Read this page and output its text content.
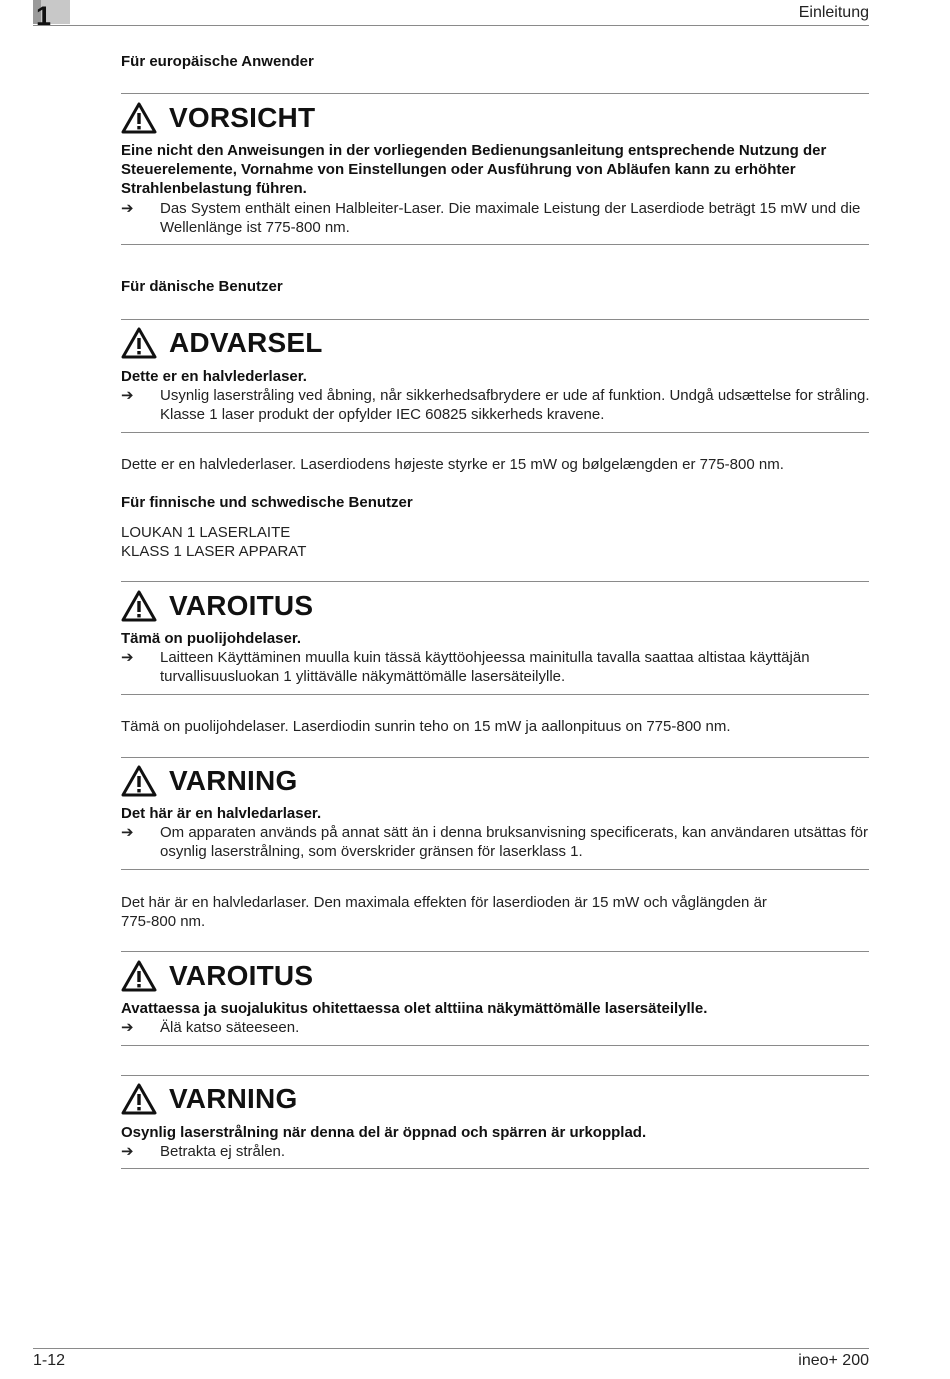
1	Einleitung
Für europäische Anwender
VORSICHT
Eine nicht den Anweisungen in der vorliegenden Bedienungsanleitung entsprechende Nutzung der Steuerelemente, Vornahme von Einstellungen oder Ausführung von Abläufen kann zu erhöhter Strahlenbelastung führen.
➔ Das System enthält einen Halbleiter-Laser. Die maximale Leistung der Laserdiode beträgt 15 mW und die Wellenlänge ist 775-800 nm.
Für dänische Benutzer
ADVARSEL
Dette er en halvlederlaser.
➔ Usynlig laserstråling ved åbning, når sikkerhedsafbrydere er ude af funktion. Undgå udsættelse for stråling. Klasse 1 laser produkt der opfylder IEC 60825 sikkerheds kravene.
Dette er en halvlederlaser. Laserdiodens højeste styrke er 15 mW og bølgelængden er 775-800 nm.
Für finnische und schwedische Benutzer
LOUKAN 1 LASERLAITE
KLASS 1 LASER APPARAT
VAROITUS
Tämä on puolijohdelaser.
➔ Laitteen Käyttäminen muulla kuin tässä käyttöohjeessa mainitulla tavalla saattaa altistaa käyttäjän turvallisuusluokan 1 ylittävälle näkymättömälle lasersäteilylle.
Tämä on puolijohdelaser. Laserdiodin sunrin teho on 15 mW ja aallonpituus on 775-800 nm.
VARNING
Det här är en halvledarlaser.
➔ Om apparaten används på annat sätt än i denna bruksanvisning specificerats, kan användaren utsättas för osynlig laserstrålning, som överskrider gränsen för laserklass 1.
Det här är en halvledarlaser. Den maximala effekten för laserdioden är 15 mW och våglängden är
775-800 nm.
VAROITUS
Avattaessa ja suojalukitus ohitettaessa olet alttiina näkymättömälle lasersäteilylle.
➔ Älä katso säteeseen.
VARNING
Osynlig laserstrålning när denna del är öppnad och spärren är urkopplad.
➔ Betrakta ej strålen.
1-12	ineo+ 200
